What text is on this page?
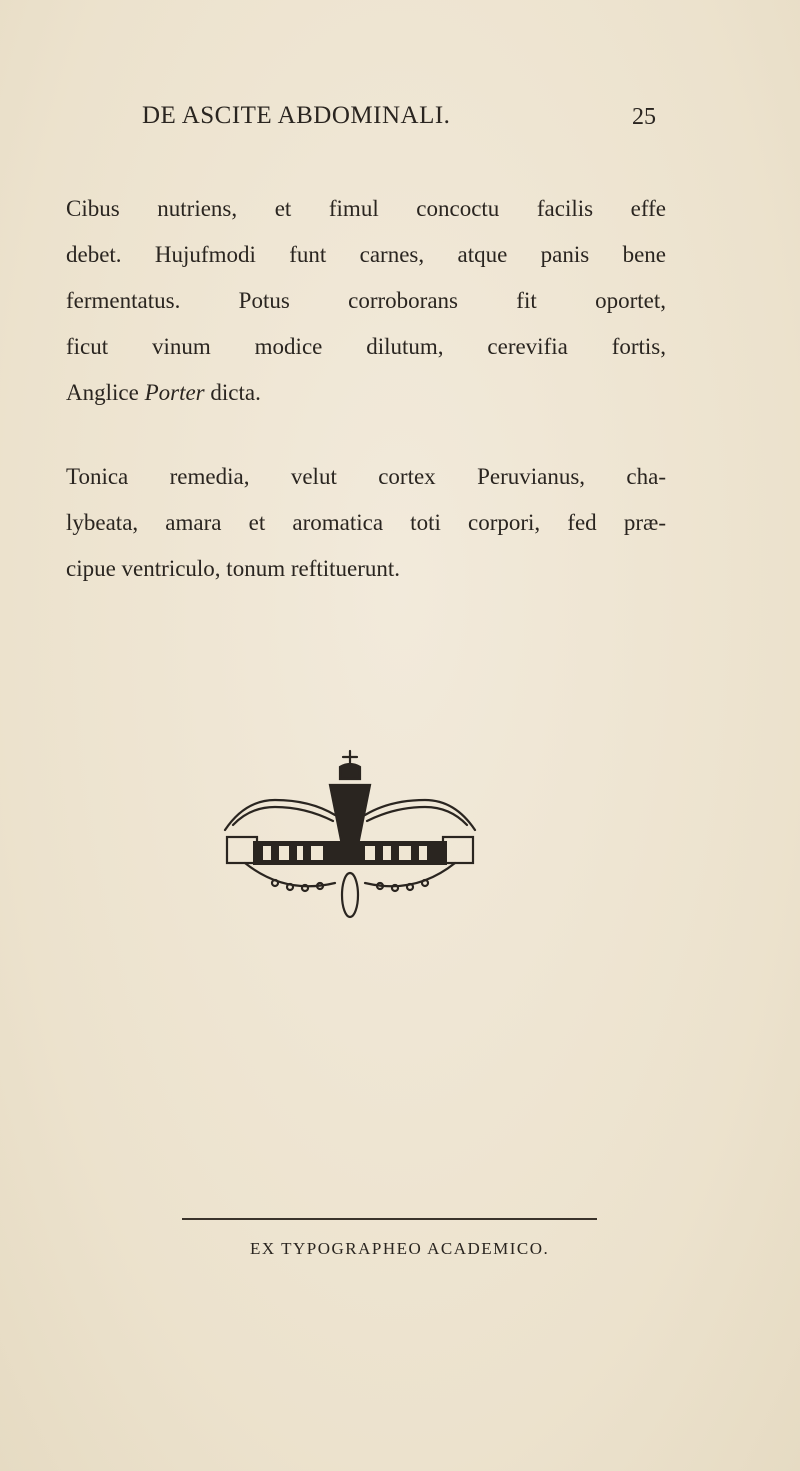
DE ASCITE ABDOMINALI.	25

Cibus nutriens, et fimul concoctu facilis effe
debet. Hujufmodi funt carnes, atque panis bene
fermentatus. Potus corroborans fit oportet,
ficut vinum modice dilutum, cerevifia fortis,
Anglice Porter dicta.

Tonica remedia, velut cortex Peruvianus, cha-
lybeata, amara et aromatica toti corpori, fed præ-
cipue ventriculo, tonum reftituerunt.

EX TYPOGRAPHEO ACADEMICO.
